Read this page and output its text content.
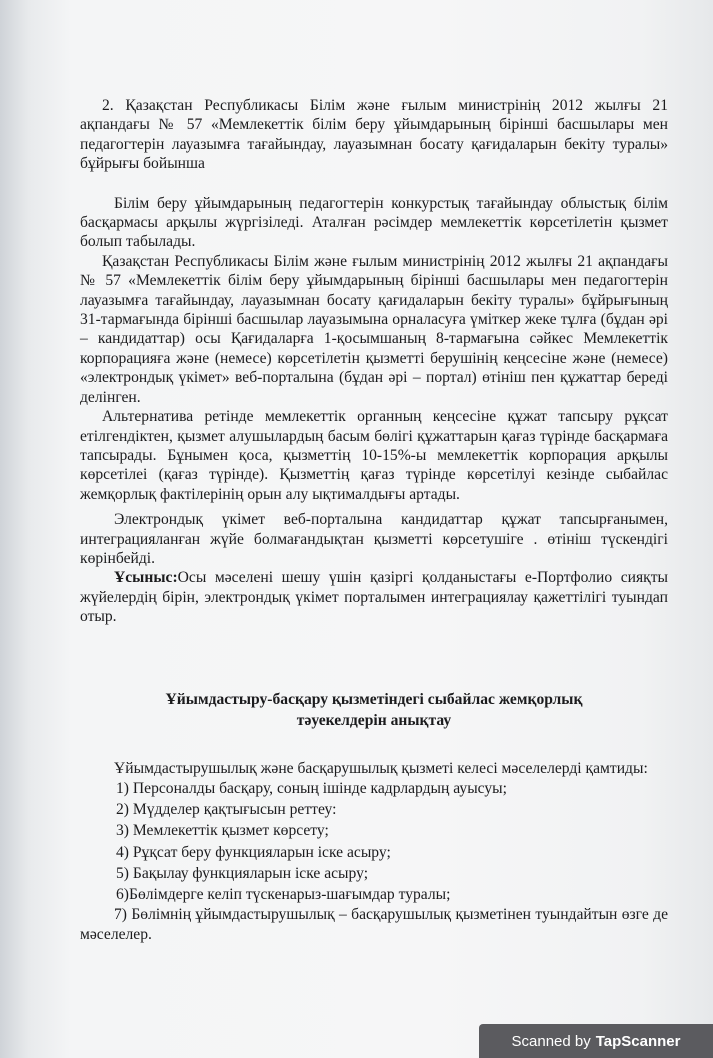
2. Қазақстан Республикасы Білім және ғылым министрінің 2012 жылғы 21 ақпандағы № 57 «Мемлекеттік білім беру ұйымдарының бірінші басшылары мен педагогтерін лауазымға тағайындау, лауазымнан босату қағидаларын бекіту туралы» бұйрығы бойынша

Білім беру ұйымдарының педагогтерін конкурстық тағайындау облыстық білім басқармасы арқылы жүргізіледі. Аталған рәсімдер мемлекеттік көрсетілетін қызмет болып табылады.

Қазақстан Республикасы Білім және ғылым министрінің 2012 жылғы 21 ақпандағы № 57 «Мемлекеттік білім беру ұйымдарының бірінші басшылары мен педагогтерін лауазымға тағайындау, лауазымнан босату қағидаларын бекіту туралы» бұйрығының 31-тармағында бірінші басшылар лауазымына орналасуға үміткер жеке тұлға (бұдан әрі – кандидаттар) осы Қағидаларға 1-қосымшаның 8-тармағына сәйкес Мемлекеттік корпорацияға және (немесе) көрсетілетін қызметті берушінің кеңсесіне және (немесе) «электрондық үкімет» веб-порталына (бұдан әрі – портал) өтініш пен құжаттар береді делінген.

Альтернатива ретінде мемлекеттік органның кеңсесіне құжат тапсыру рұқсат етілгендіктен, қызмет алушылардың басым бөлігі құжаттарын қағаз түрінде басқармаға тапсырады. Бұнымен қоса, қызметтің 10-15%-ы мемлекеттік корпорация арқылы көрсетілеі (қағаз түрінде). Қызметтің қағаз түрінде көрсетілуі кезінде сыбайлас жемқорлық фактілерінің орын алу ықтималдығы артады.

Электрондық үкімет веб-порталына кандидаттар құжат тапсырғанымен, интеграцияланған жүйе болмағандықтан қызметті көрсетушіге . өтініш түскендігі көрінбейді.

Ұсыныс:Осы мәселені шешу үшін қазіргі қолданыстағы е-Портфолио сияқты жүйелердің бірін, электрондық үкімет порталымен интеграциялау қажеттілігі туындап отыр.

Ұйымдастыру-басқару қызметіндегі сыбайлас жемқорлық
тәуекелдерін анықтау

Ұйымдастырушылық және басқарушылық қызметі келесі мәселелерді қамтиды:

1) Персоналды басқару, соның ішінде кадрлардың ауысуы;
2) Мүдделер қақтығысын реттеу:
3) Мемлекеттік қызмет көрсету;
4) Рұқсат беру функцияларын іске асыру;
5) Бақылау функцияларын іске асыру;
6)Бөлімдерге келіп түскенарыз-шағымдар туралы;

7) Бөлімнің ұйымдастырушылық – басқарушылық қызметінен туындайтын өзге де мәселелер.

Scanned by TapScanner
